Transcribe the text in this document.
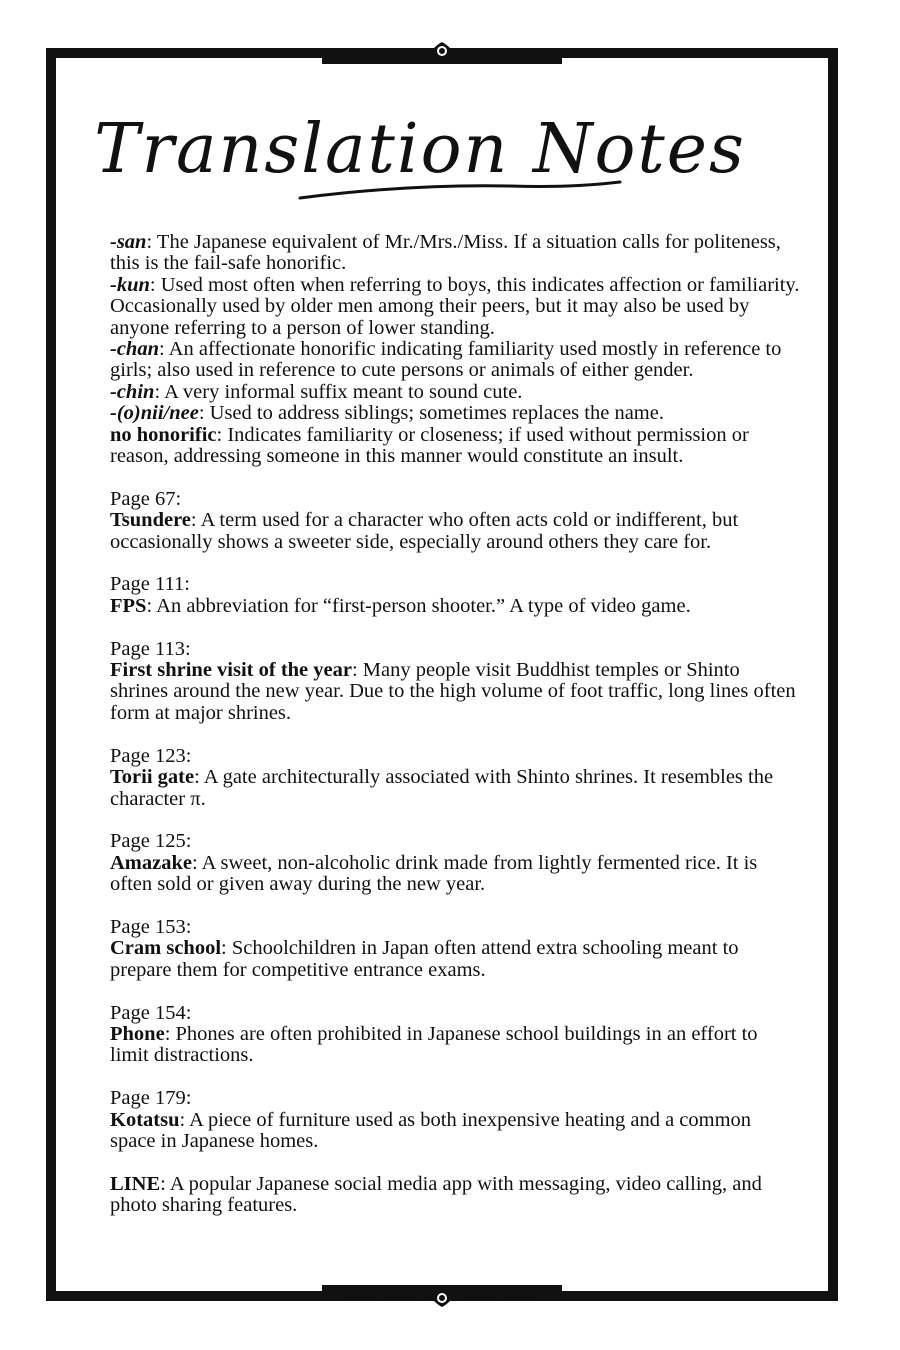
Translation Notes

-san: The Japanese equivalent of Mr./Mrs./Miss. If a situation calls for politeness, this is the fail-safe honorific.

-kun: Used most often when referring to boys, this indicates affection or familiarity. Occasionally used by older men among their peers, but it may also be used by anyone referring to a person of lower standing.

-chan: An affectionate honorific indicating familiarity used mostly in reference to girls; also used in reference to cute persons or animals of either gender.

-chin: A very informal suffix meant to sound cute.

-(o)nii/nee: Used to address siblings; sometimes replaces the name.

no honorific: Indicates familiarity or closeness; if used without permission or reason, addressing someone in this manner would constitute an insult.

Page 67:

Tsundere: A term used for a character who often acts cold or indifferent, but occasionally shows a sweeter side, especially around others they care for.

Page 111:

FPS: An abbreviation for “first-person shooter.” A type of video game.

Page 113:

First shrine visit of the year: Many people visit Buddhist temples or Shinto shrines around the new year. Due to the high volume of foot traffic, long lines often form at major shrines.

Page 123:

Torii gate: A gate architecturally associated with Shinto shrines. It resembles the character π.

Page 125:

Amazake: A sweet, non-alcoholic drink made from lightly fermented rice. It is often sold or given away during the new year.

Page 153:

Cram school: Schoolchildren in Japan often attend extra schooling meant to prepare them for competitive entrance exams.

Page 154:

Phone: Phones are often prohibited in Japanese school buildings in an effort to limit distractions.

Page 179:

Kotatsu: A piece of furniture used as both inexpensive heating and a common space in Japanese homes.

LINE: A popular Japanese social media app with messaging, video calling, and photo sharing features.
